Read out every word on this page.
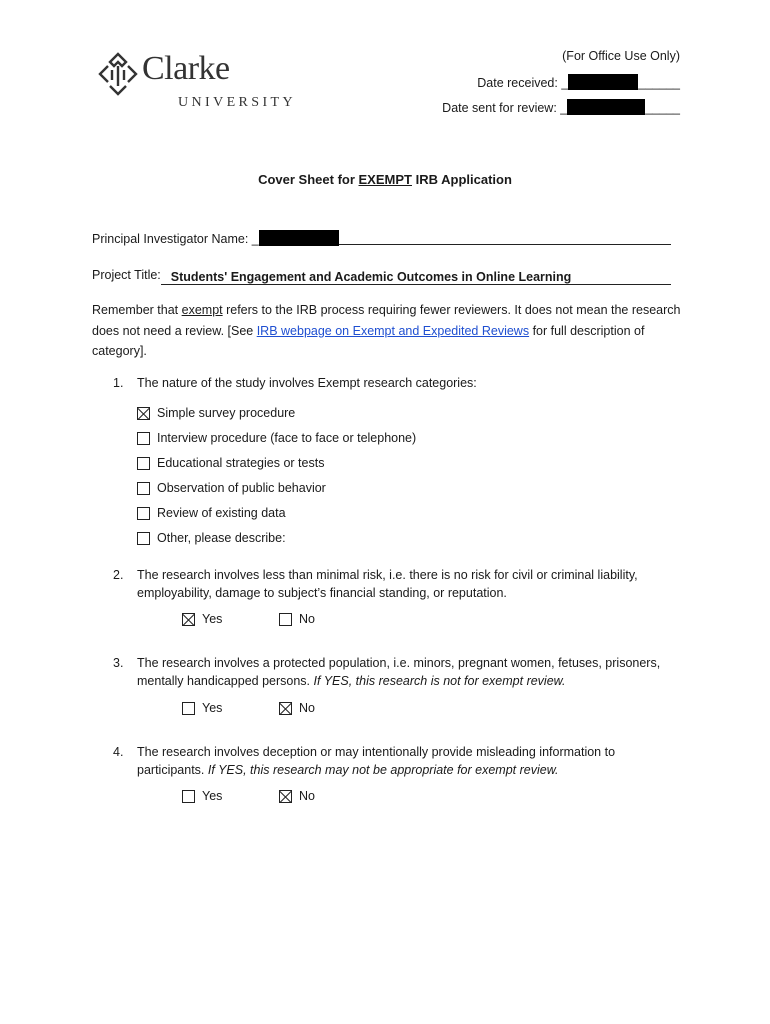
Clarke
UNIVERSITY
(For Office Use Only)
Date received: _	______
Date sent for review: _	_____
Cover Sheet for EXEMPT IRB Application
Principal Investigator Name: _
Project Title: Students' Engagement and Academic Outcomes in Online Learning
Remember that exempt refers to the IRB process requiring fewer reviewers. It does not mean the research does not need a review. [See IRB webpage on Exempt and Expedited Reviews for full description of category].
1. The nature of the study involves Exempt research categories:
Simple survey procedure
Interview procedure (face to face or telephone)
Educational strategies or tests
Observation of public behavior
Review of existing data
Other, please describe:
2. The research involves less than minimal risk, i.e. there is no risk for civil or criminal liability, employability, damage to subject’s financial standing, or reputation.
Yes	No
3. The research involves a protected population, i.e. minors, pregnant women, fetuses, prisoners, mentally handicapped persons. If YES, this research is not for exempt review.
Yes	No
4. The research involves deception or may intentionally provide misleading information to participants. If YES, this research may not be appropriate for exempt review.
Yes	No
